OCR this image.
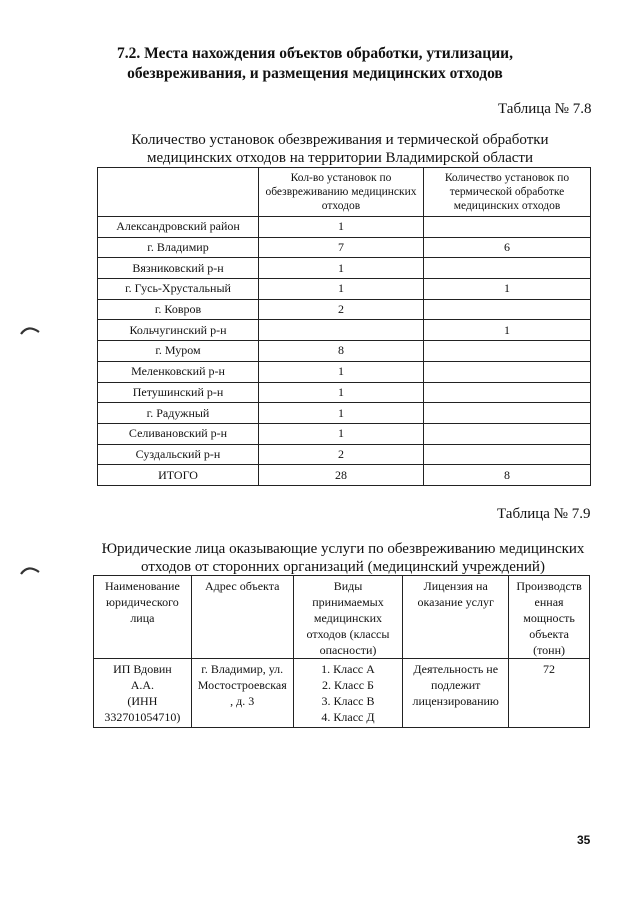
7.2. Места нахождения объектов обработки, утилизации,
обезвреживания, и размещения медицинских отходов
Таблица № 7.8
Количество установок обезвреживания и термической обработки
медицинских отходов на территории Владимирской области
	Кол-во установок по обезвреживанию медицинских отходов	Количество установок по термической обработке медицинских отходов
Александровский район	1	
г. Владимир	7	6
Вязниковский р-н	1	
г. Гусь-Хрустальный	1	1
г. Ковров	2	
Кольчугинский р-н		1
г. Муром	8	
Меленковский р-н	1	
Петушинский р-н	1	
г. Радужный	1	
Селивановский р-н	1	
Суздальский р-н	2	
ИТОГО	28	8
Таблица № 7.9
Юридические лица оказывающие услуги по обезвреживанию медицинских
отходов от сторонних организаций (медицинский учреждений)
Наименование
юридического
лица	Адрес объекта	Виды
принимаемых
медицинских
отходов (классы
опасности)	Лицензия на
оказание услуг	Производств
енная
мощность
объекта
(тонн)

ИП Вдовин
А.А.
(ИНН
332701054710)	г. Владимир, ул.
Мостостроевская
, д. 3	1. Класс А
2. Класс Б
3. Класс В
4. Класс Д	Деятельность не
подлежит
лицензированию	72
35
